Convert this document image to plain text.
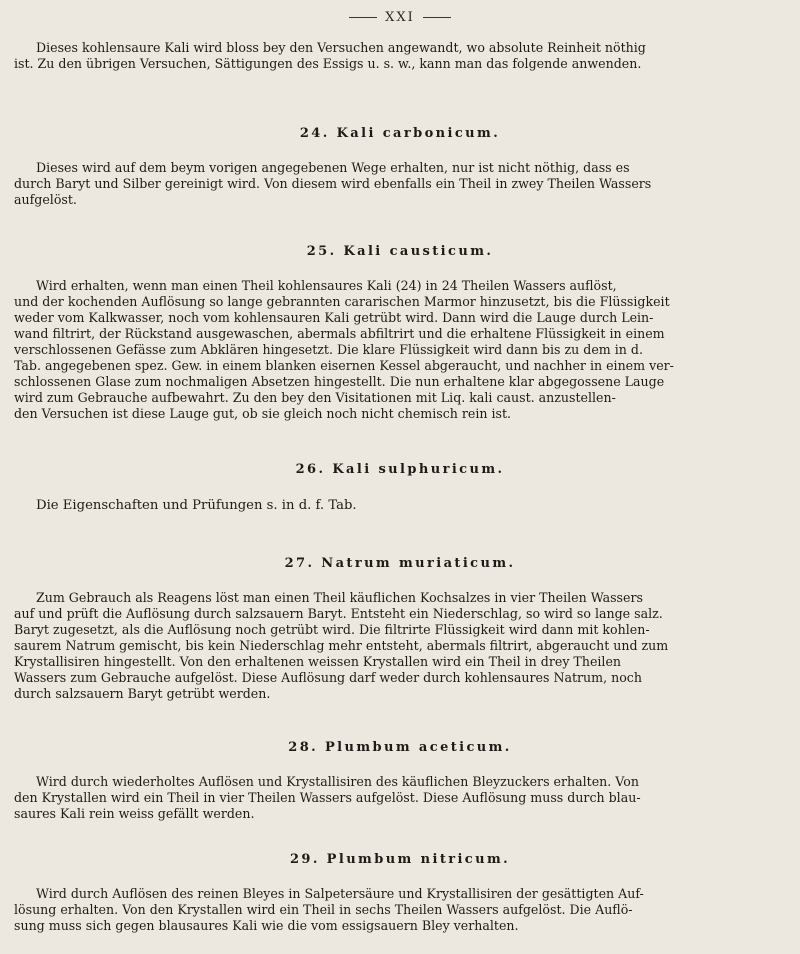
XXI

Dieses kohlensaure Kali wird bloss bey den Versuchen angewandt, wo absolute Reinheit nöthig
ist. Zu den übrigen Versuchen, Sättigungen des Essigs u. s. w., kann man das folgende anwenden.

24. Kali carbonicum.

Dieses wird auf dem beym vorigen angegebenen Wege erhalten, nur ist nicht nöthig, dass es
durch Baryt und Silber gereinigt wird. Von diesem wird ebenfalls ein Theil in zwey Theilen Wassers
aufgelöst.

25. Kali causticum.

Wird erhalten, wenn man einen Theil kohlensaures Kali (24) in 24 Theilen Wassers auflöst,
und der kochenden Auflösung so lange gebrannten cararischen Marmor hinzusetzt, bis die Flüssigkeit
weder vom Kalkwasser, noch vom kohlensauren Kali getrübt wird. Dann wird die Lauge durch Lein-
wand filtrirt, der Rückstand ausgewaschen, abermals abfiltrirt und die erhaltene Flüssigkeit in einem
verschlossenen Gefässe zum Abklären hingesetzt. Die klare Flüssigkeit wird dann bis zu dem in d.
Tab. angegebenen spez. Gew. in einem blanken eisernen Kessel abgeraucht, und nachher in einem ver-
schlossenen Glase zum nochmaligen Absetzen hingestellt. Die nun erhaltene klar abgegossene Lauge
wird zum Gebrauche aufbewahrt. Zu den bey den Visitationen mit Liq. kali caust. anzustellen-
den Versuchen ist diese Lauge gut, ob sie gleich noch nicht chemisch rein ist.

26. Kali sulphuricum.

Die Eigenschaften und Prüfungen s. in d. f. Tab.

27. Natrum muriaticum.

Zum Gebrauch als Reagens löst man einen Theil käuflichen Kochsalzes in vier Theilen Wassers
auf und prüft die Auflösung durch salzsauern Baryt. Entsteht ein Niederschlag, so wird so lange salz.
Baryt zugesetzt, als die Auflösung noch getrübt wird. Die filtrirte Flüssigkeit wird dann mit kohlen-
saurem Natrum gemischt, bis kein Niederschlag mehr entsteht, abermals filtrirt, abgeraucht und zum
Krystallisiren hingestellt. Von den erhaltenen weissen Krystallen wird ein Theil in drey Theilen
Wassers zum Gebrauche aufgelöst. Diese Auflösung darf weder durch kohlensaures Natrum, noch
durch salzsauern Baryt getrübt werden.

28. Plumbum aceticum.

Wird durch wiederholtes Auflösen und Krystallisiren des käuflichen Bleyzuckers erhalten. Von
den Krystallen wird ein Theil in vier Theilen Wassers aufgelöst. Diese Auflösung muss durch blau-
saures Kali rein weiss gefällt werden.

29. Plumbum nitricum.

Wird durch Auflösen des reinen Bleyes in Salpetersäure und Krystallisiren der gesättigten Auf-
lösung erhalten. Von den Krystallen wird ein Theil in sechs Theilen Wassers aufgelöst. Die Auflö-
sung muss sich gegen blausaures Kali wie die vom essigsauern Bley verhalten.
